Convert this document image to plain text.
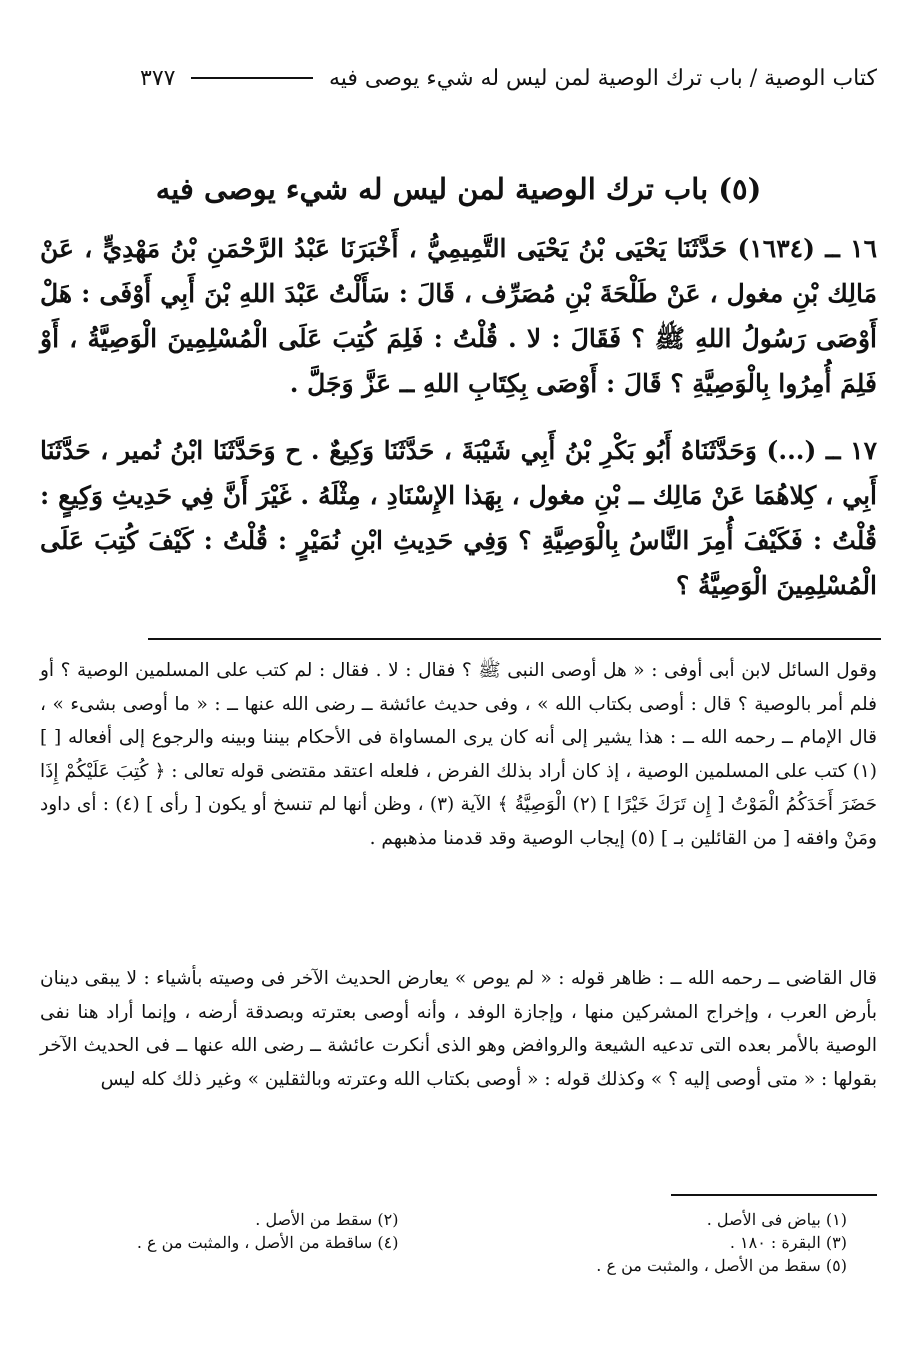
كتاب الوصية / باب ترك الوصية لمن ليس له شيء يوصى فيه
٣٧٧
(٥) باب ترك الوصية لمن ليس له شيء يوصى فيه
١٦ ــ (١٦٣٤) حَدَّثَنَا يَحْيَى بْنُ يَحْيَى التَّمِيمِيُّ ، أَخْبَرَنَا عَبْدُ الرَّحْمَنِ بْنُ مَهْدِيٍّ ، عَنْ مَالِك بْنِ مغول ، عَنْ طَلْحَةَ بْنِ مُصَرِّف ، قَالَ : سَأَلْتُ عَبْدَ اللهِ بْنَ أَبِي أَوْفَى : هَلْ أَوْصَى رَسُولُ اللهِ ﷺ ؟ فَقَالَ : لا . قُلْتُ : فَلِمَ كُتِبَ عَلَى الْمُسْلِمِينَ الْوَصِيَّةُ ، أَوْ فَلِمَ أُمِرُوا بِالْوَصِيَّةِ ؟ قَالَ : أَوْصَى بِكِتَابِ اللهِ ــ عَزَّ وَجَلَّ .
١٧ ــ (...) وَحَدَّثَنَاهُ أَبُو بَكْرِ بْنُ أَبِي شَيْبَةَ ، حَدَّثَنَا وَكِيعٌ . ح وَحَدَّثَنَا ابْنُ نُمير ، حَدَّثَنَا أَبِي ، كِلاهُمَا عَنْ مَالِك ــ بْنِ مغول ، بِهَذا الإِسْنَادِ ، مِثْلَهُ . غَيْرَ أَنَّ فِي حَدِيثِ وَكِيعٍ : قُلْتُ : فَكَيْفَ أُمِرَ النَّاسُ بِالْوَصِيَّةِ ؟ وَفِي حَدِيثِ ابْنِ نُمَيْرٍ : قُلْتُ : كَيْفَ كُتِبَ عَلَى الْمُسْلِمِينَ الْوَصِيَّةُ ؟
وقول السائل لابن أبى أوفى : « هل أوصى النبى ﷺ ؟ فقال : لا . فقال : لم كتب على المسلمين الوصية ؟ أو فلم أمر بالوصية ؟ قال : أوصى بكتاب الله » ، وفى حديث عائشة ــ رضى الله عنها ــ : « ما أوصى بشىء » ، قال الإمام ــ رحمه الله ــ : هذا يشير إلى أنه كان يرى المساواة فى الأحكام بيننا وبينه والرجوع إلى أفعاله [ ](١) كتب على المسلمين الوصية ، إذ كان أراد بذلك الفرض ، فلعله اعتقد مقتضى قوله تعالى : ﴿ كُتِبَ عَلَيْكُمْ إِذَا حَضَرَ أَحَدَكُمُ الْمَوْتُ [ إِن تَرَكَ خَيْرًا ] (٢) الْوَصِيَّةُ ﴾ الآية (٣) ، وظن أنها لم تنسخ أو يكون [ رأى ] (٤) : أى داود ومَنْ وافقه [ من القائلين بـ ] (٥) إيجاب الوصية وقد قدمنا مذهبهم .
قال القاضى ــ رحمه الله ــ : ظاهر قوله : « لم يوص » يعارض الحديث الآخر فى وصيته بأشياء : لا يبقى دينان بأرض العرب ، وإخراج المشركين منها ، وإجازة الوفد ، وأنه أوصى بعترته وبصدقة أرضه ، وإنما أراد هنا نفى الوصية بالأمر بعده التى تدعيه الشيعة والروافض وهو الذى أنكرت عائشة ــ رضى الله عنها ــ فى الحديث الآخر بقولها : « متى أوصى إليه ؟ » وكذلك قوله : « أوصى بكتاب الله وعترته وبالثقلين » وغير ذلك كله ليس
(١) بياض فى الأصل .
(٢) سقط من الأصل .
(٣) البقرة : ١٨٠ .
(٤) ساقطة من الأصل ، والمثبت من ع .
(٥) سقط من الأصل ، والمثبت من ع .
